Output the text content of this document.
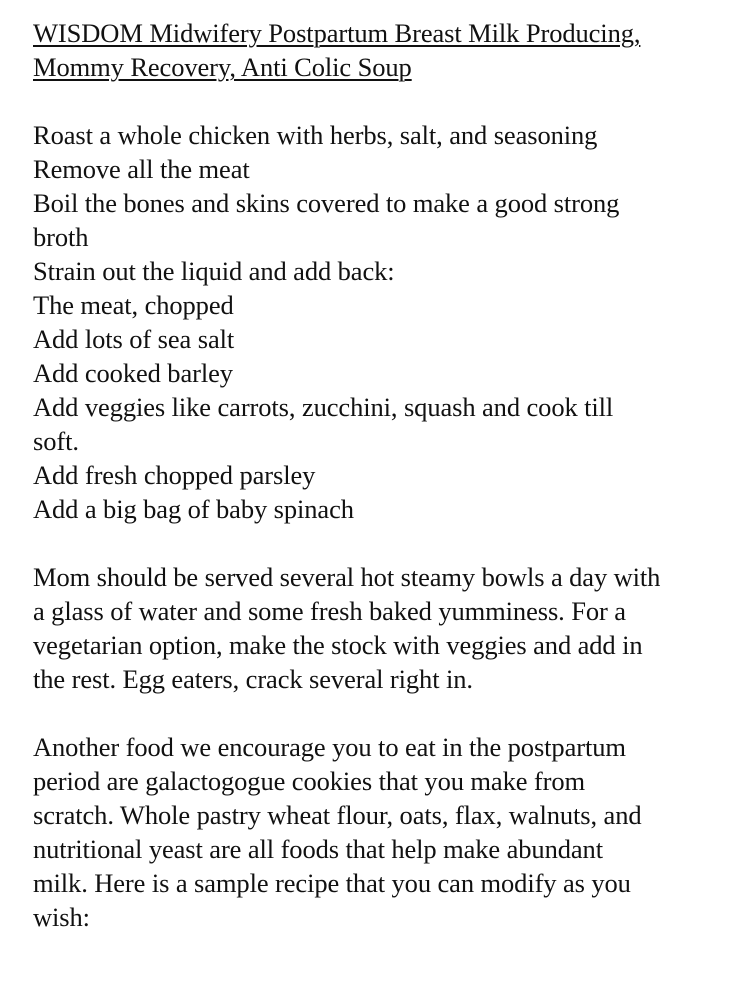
WISDOM Midwifery Postpartum Breast Milk Producing,
Mommy Recovery, Anti Colic Soup
Roast a whole chicken with herbs, salt, and seasoning
Remove all the meat
Boil the bones and skins covered to make a good strong
broth
Strain out the liquid and add back:
The meat, chopped
Add lots of sea salt
Add cooked barley
Add veggies like carrots, zucchini, squash and cook till
soft.
Add fresh chopped parsley
Add a big bag of baby spinach
Mom should be served several hot steamy bowls a day with
a glass of water and some fresh baked yumminess. For a
vegetarian option, make the stock with veggies and add in
the rest. Egg eaters, crack several right in.
Another food we encourage you to eat in the postpartum
period are galactogogue cookies that you make from
scratch. Whole pastry wheat flour, oats, flax, walnuts, and
nutritional yeast are all foods that help make abundant
milk. Here is a sample recipe that you can modify as you
wish:
